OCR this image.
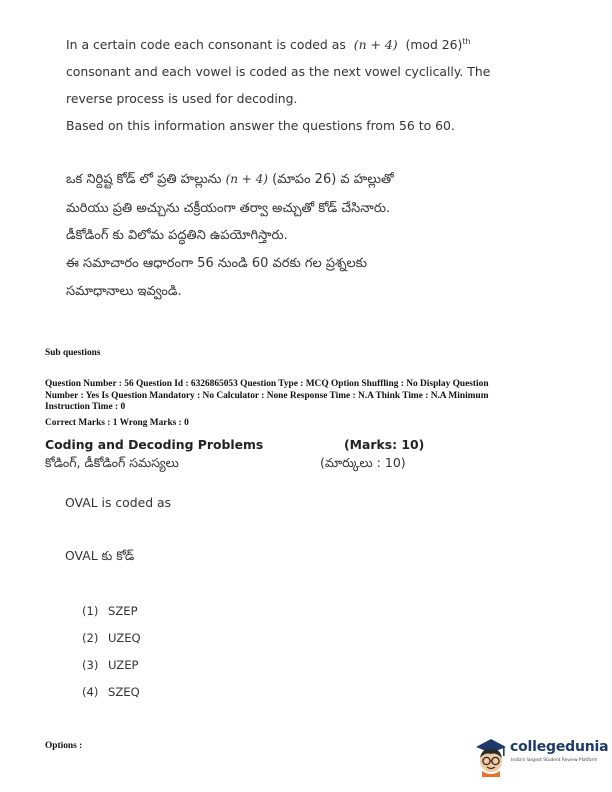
In a certain code each consonant is coded as (n + 4) (mod 26)$^{th}$
consonant and each vowel is coded as the next vowel cyclically. The
reverse process is used for decoding.
Based on this information answer the questions from 56 to 60.
ఒక నిర్దిష్ట కోడ్ లో ప్రతి హల్లును (n + 4) (మాపం 26) వ హల్లుతో
మరియు ప్రతి అచ్చును చక్రీయంగా తర్వా అచ్చుతో కోడ్ చేసినారు.
డీకోడింగ్ కు విలోమ పద్ధతిని ఉపయోగిస్తారు.
ఈ సమాచారం ఆధారంగా 56 నుండి 60 వరకు గల ప్రశ్నలకు
సమాధానాలు ఇవ్వండి.
Sub questions
Question Number : 56 Question Id : 6326865053 Question Type : MCQ Option Shuffling : No Display Question
Number : Yes Is Question Mandatory : No Calculator : None Response Time : N.A Think Time : N.A Minimum
Instruction Time : 0
Correct Marks : 1 Wrong Marks : 0
Coding and Decoding Problems	(Marks: 10)
కోడింగ్, డీకోడింగ్ సమస్యలు	(మార్కులు : 10)
OVAL is coded as
OVAL కు కోడ్
(1) SZEP
(2) UZEQ
(3) UZEP
(4) SZEQ
Options :	collegedunia
India's largest Student Review Platform
